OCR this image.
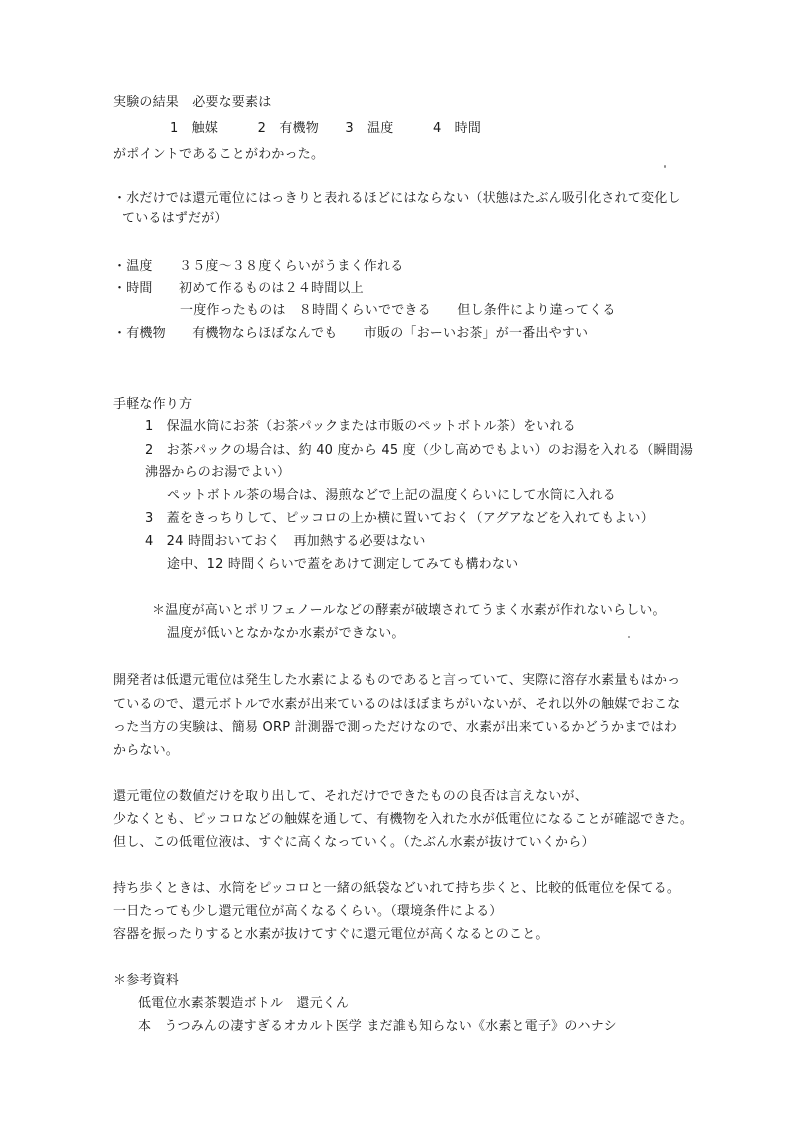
実験の結果　必要な要素は
1　触媒　　　2　有機物　　3　温度　　　4　時間
がポイントであることがわかった。
・水だけでは還元電位にはっきりと表れるほどにはならない（状態はたぶん吸引化されて変化し
ているはずだが）
・温度　　３５度～３８度くらいがうまく作れる
・時間　　初めて作るものは２４時間以上
一度作ったものは　８時間くらいでできる　　但し条件により違ってくる
・有機物　　有機物ならほぼなんでも　　市販の「おーいお茶」が一番出やすい
手軽な作り方
1　保温水筒にお茶（お茶パックまたは市販のペットボトル茶）をいれる
2　お茶パックの場合は、約 40 度から 45 度（少し高めでもよい）のお湯を入れる（瞬間湯
沸器からのお湯でよい）
ペットボトル茶の場合は、湯煎などで上記の温度くらいにして水筒に入れる
3　蓋をきっちりして、ピッコロの上か横に置いておく（アグアなどを入れてもよい）
4　24 時間おいておく　再加熱する必要はない
途中、12 時間くらいで蓋をあけて測定してみても構わない
＊温度が高いとポリフェノールなどの酵素が破壊されてうまく水素が作れないらしい。
温度が低いとなかなか水素ができない。
開発者は低還元電位は発生した水素によるものであると言っていて、実際に溶存水素量もはかっ
ているので、還元ボトルで水素が出来ているのはほぼまちがいないが、それ以外の触媒でおこな
った当方の実験は、簡易 ORP 計測器で測っただけなので、水素が出来ているかどうかまではわ
からない。
還元電位の数値だけを取り出して、それだけでできたものの良否は言えないが、
少なくとも、ピッコロなどの触媒を通して、有機物を入れた水が低電位になることが確認できた。
但し、この低電位液は、すぐに高くなっていく。（たぶん水素が抜けていくから）
持ち歩くときは、水筒をピッコロと一緒の紙袋などいれて持ち歩くと、比較的低電位を保てる。
一日たっても少し還元電位が高くなるくらい。（環境条件による）
容器を振ったりすると水素が抜けてすぐに還元電位が高くなるとのこと。
＊参考資料
低電位水素茶製造ボトル　還元くん
本　うつみんの凄すぎるオカルト医学 まだ誰も知らない《水素と電子》のハナシ
